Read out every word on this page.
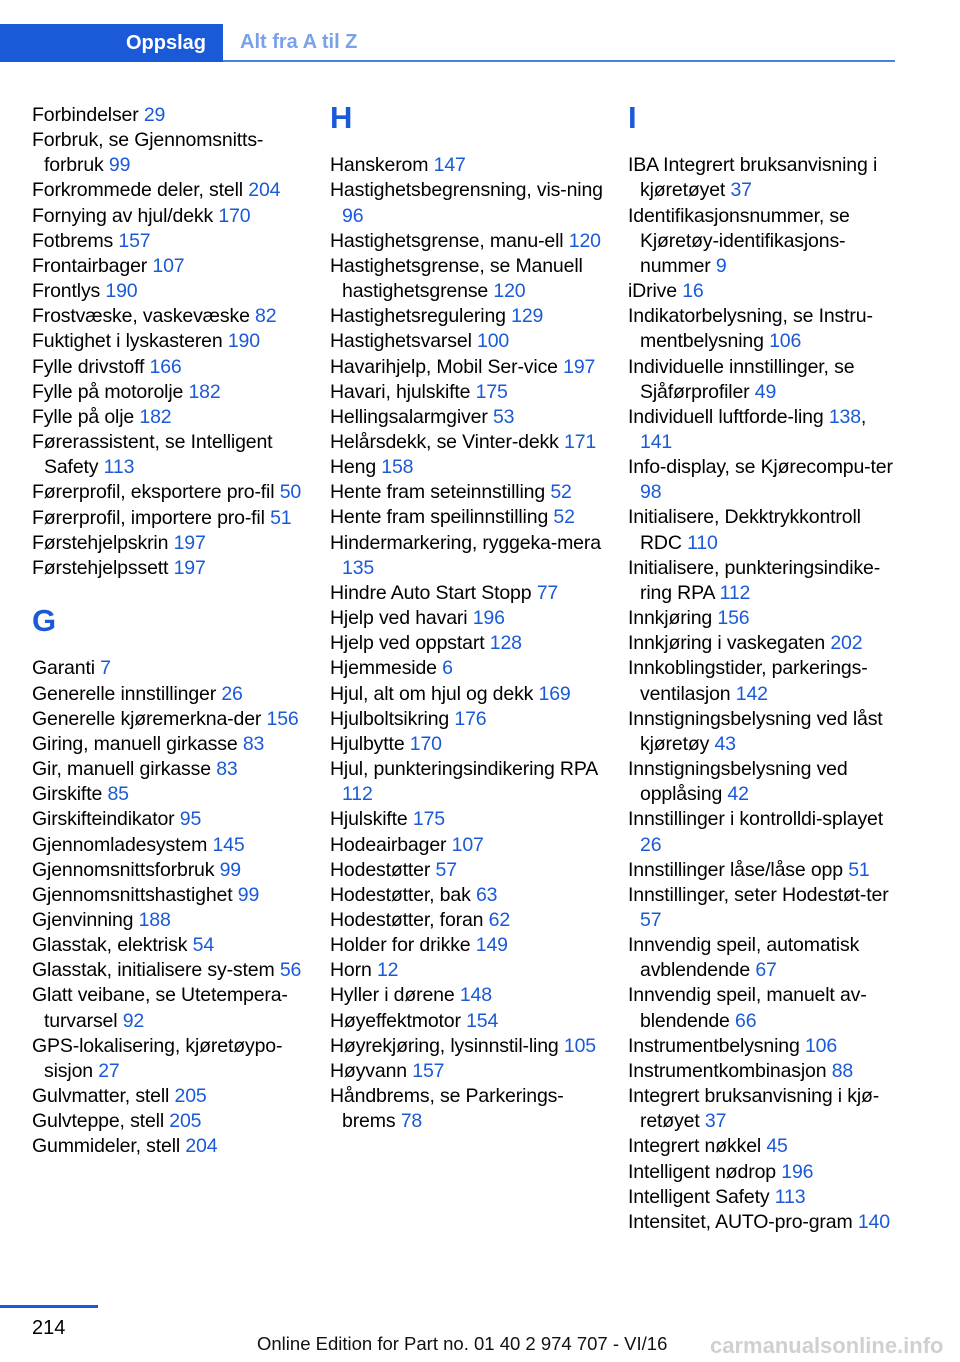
Oppslag	Alt fra A til Z
Forbindelser 29
Forbruk, se Gjennomsnitts-forbruk 99
Forkrommede deler, stell 204
Fornying av hjul/dekk 170
Fotbrems 157
Frontairbager 107
Frontlys 190
Frostvæske, vaskevæske 82
Fuktighet i lyskasteren 190
Fylle drivstoff 166
Fylle på motorolje 182
Fylle på olje 182
Førerassistent, se Intelligent Safety 113
Førerprofil, eksportere pro-fil 50
Førerprofil, importere pro-fil 51
Førstehjelpskrin 197
Førstehjelpssett 197
G
Garanti 7
Generelle innstillinger 26
Generelle kjøremerkna-der 156
Giring, manuell girkasse 83
Gir, manuell girkasse 83
Girskifte 85
Girskifteindikator 95
Gjennomladesystem 145
Gjennomsnittsforbruk 99
Gjennomsnittshastighet 99
Gjenvinning 188
Glasstak, elektrisk 54
Glasstak, initialisere sy-stem 56
Glatt veibane, se Utetempera-turvarsel 92
GPS-lokalisering, kjøretøypo-sisjon 27
Gulvmatter, stell 205
Gulvteppe, stell 205
Gummideler, stell 204
H
Hanskerom 147
Hastighetsbegrensning, vis-ning 96
Hastighetsgrense, manu-ell 120
Hastighetsgrense, se Manuell hastighetsgrense 120
Hastighetsregulering 129
Hastighetsvarsel 100
Havarihjelp, Mobil Ser-vice 197
Havari, hjulskifte 175
Hellingsalarmgiver 53
Helårsdekk, se Vinter-dekk 171
Heng 158
Hente fram seteinnstilling 52
Hente fram speilinnstilling 52
Hindermarkering, ryggeka-mera 135
Hindre Auto Start Stopp 77
Hjelp ved havari 196
Hjelp ved oppstart 128
Hjemmeside 6
Hjul, alt om hjul og dekk 169
Hjulboltsikring 176
Hjulbytte 170
Hjul, punkteringsindikering RPA 112
Hjulskifte 175
Hodeairbager 107
Hodestøtter 57
Hodestøtter, bak 63
Hodestøtter, foran 62
Holder for drikke 149
Horn 12
Hyller i dørene 148
Høyeffektmotor 154
Høyrekjøring, lysinnstil-ling 105
Høyvann 157
Håndbrems, se Parkerings-brems 78
I
IBA Integrert bruksanvisning i kjøretøyet 37
Identifikasjonsnummer, se Kjøretøy-identifikasjons-nummer 9
iDrive 16
Indikatorbelysning, se Instru-mentbelysning 106
Individuelle innstillinger, se Sjåførprofiler 49
Individuell luftforde-ling 138, 141
Info-display, se Kjørecompu-ter 98
Initialisere, Dekktrykkontroll RDC 110
Initialisere, punkteringsindike-ring RPA 112
Innkjøring 156
Innkjøring i vaskegaten 202
Innkoblingstider, parkerings-ventilasjon 142
Innstigningsbelysning ved låst kjøretøy 43
Innstigningsbelysning ved opplåsing 42
Innstillinger i kontrolldi-splayet 26
Innstillinger låse/låse opp 51
Innstillinger, seter Hodestøt-ter 57
Innvendig speil, automatisk avblendende 67
Innvendig speil, manuelt av-blendende 66
Instrumentbelysning 106
Instrumentkombinasjon 88
Integrert bruksanvisning i kjø-retøyet 37
Integrert nøkkel 45
Intelligent nødrop 196
Intelligent Safety 113
Intensitet, AUTO-pro-gram 140
214
Online Edition for Part no. 01 40 2 974 707 - VI/16 carmanualsonline.info
